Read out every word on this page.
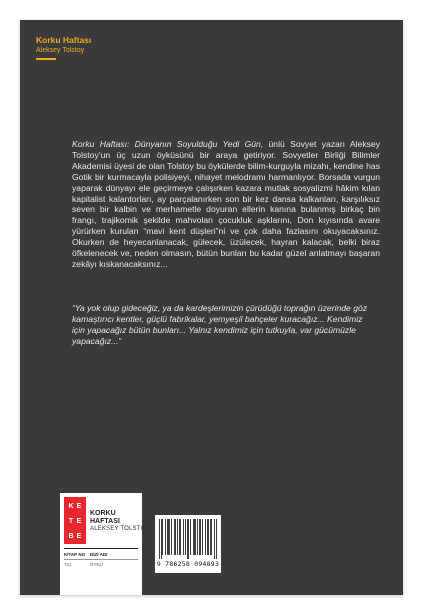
Korku Haftası
Aleksey Tolstoy

Korku Haftası: Dünyanın Soyulduğu Yedi Gün, ünlü Sovyet yazarı Aleksey Tolstoy’un üç uzun öyküsünü bir araya getiriyor. Sovyetler Birliği Bilimler Akademisi üyesi de olan Tolstoy bu öykülerde bilim-kurguyla mizahı, kendine has Gotik bir kurmacayla polisiyeyi, nihayet melodramı harmanlıyor. Borsada vurgun yaparak dünyayı ele geçirmeye çalışırken kazara mutlak sosyalizmi hâkim kılan kapitalist kalantorları, ay parçalanırken son bir kez dansa kalkanları, karşılıksız seven bir kalbin ve merhametle doyuran ellerin kanına bulanmış birkaç bin frangı, trajikomik şekilde mahvolan çocukluk aşklarını, Don kıyısında avare yürürken kurulan “mavi kent düşleri”ni ve çok daha fazlasını okuyacaksınız. Okurken de heyecanlanacak, gülecek, üzülecek, hayran kalacak, belki biraz öfkelenecek ve, neden olmasın, bütün bunları bu kadar güzel anlatmayı başaran zekâyı kıskanacaksınız...

“Ya yok olup gideceğiz, ya da kardeşlerimizin çürüdüğü toprağın üzerinde göz kamaştırıcı kentler, güçlü fabrikalar, yemyeşil bahçeler kuracağız... Kendimiz için yapacağız bütün bunları... Yalnız kendimiz için tutkuyla, var gücümüzle yapacağız...”

K E
T E
B E
KORKU
HAFTASI
ALEKSEY TOLSTOY
KİTAP NO DİZİ ADI
721	ÖYKÜ	9 786258 094893
